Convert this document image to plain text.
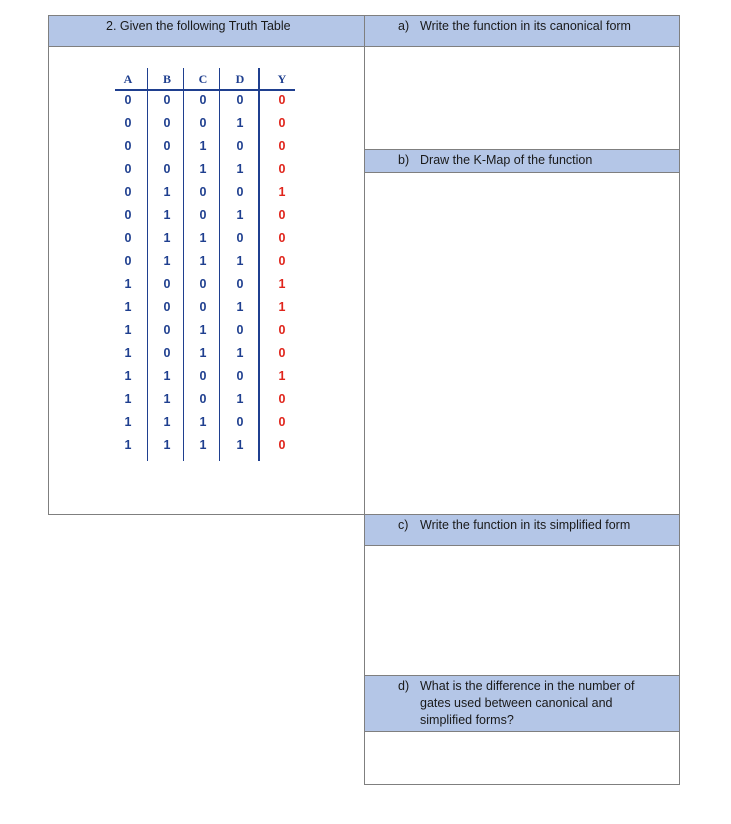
2. Given the following Truth Table
A	B	C	D	Y
0	0	0	0	0
0	0	0	1	0
0	0	1	0	0
0	0	1	1	0
0	1	0	0	1
0	1	0	1	0
0	1	1	0	0
0	1	1	1	0
1	0	0	0	1
1	0	0	1	1
1	0	1	0	0
1	0	1	1	0
1	1	0	0	1
1	1	0	1	0
1	1	1	0	0
1	1	1	1	0
a) Write the function in its canonical form
b) Draw the K-Map of the function
c) Write the function in its simplified form
d) What is the difference in the number of gates used between canonical and simplified forms?
